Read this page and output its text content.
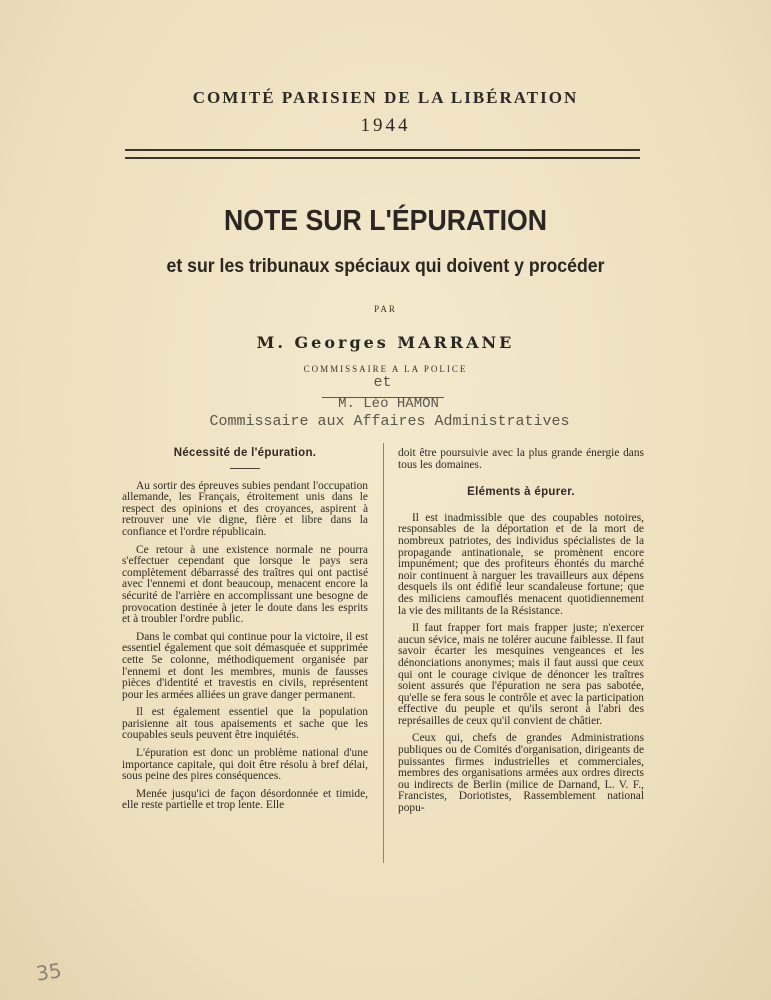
COMITÉ PARISIEN DE LA LIBÉRATION
1944
NOTE SUR L'ÉPURATION
et sur les tribunaux spéciaux qui doivent y procéder
PAR
M. Georges MARRANE
COMMISSAIRE A LA POLICE
et
M. Léo HAMON
Commissaire aux Affaires Administratives
Nécessité de l'épuration.

Au sortir des épreuves subies pendant l'occupation allemande, les Français, étroitement unis dans le respect des opinions et des croyances, aspirent à retrouver une vie digne, fière et libre dans la confiance et l'ordre républicain.

Ce retour à une existence normale ne pourra s'effectuer cependant que lorsque le pays sera complètement débarrassé des traîtres qui ont pactisé avec l'ennemi et dont beaucoup, menacent encore la sécurité de l'arrière en accomplissant une besogne de provocation destinée à jeter le doute dans les esprits et à troubler l'ordre public.

Dans le combat qui continue pour la victoire, il est essentiel également que soit démasquée et supprimée cette 5e colonne, méthodiquement organisée par l'ennemi et dont les membres, munis de fausses pièces d'identité et travestis en civils, représentent pour les armées alliées un grave danger permanent.

Il est également essentiel que la population parisienne ait tous apaisements et sache que les coupables seuls peuvent être inquiétés.

L'épuration est donc un problème national d'une importance capitale, qui doit être résolu à bref délai, sous peine des pires conséquences.

Menée jusqu'ici de façon désordonnée et timide, elle reste partielle et trop lente. Elle

doit être poursuivie avec la plus grande énergie dans tous les domaines.

Eléments à épurer.

Il est inadmissible que des coupables notoires, responsables de la déportation et de la mort de nombreux patriotes, des individus spécialistes de la propagande antinationale, se promènent encore impunément; que des profiteurs éhontés du marché noir continuent à narguer les travailleurs aux dépens desquels ils ont édifié leur scandaleuse fortune; que des miliciens camouflés menacent quotidiennement la vie des militants de la Résistance.

Il faut frapper fort mais frapper juste; n'exercer aucun sévice, mais ne tolérer aucune faiblesse. Il faut savoir écarter les mesquines vengeances et les dénonciations anonymes; mais il faut aussi que ceux qui ont le courage civique de dénoncer les traîtres soient assurés que l'épuration ne sera pas sabotée, qu'elle se fera sous le contrôle et avec la participation effective du peuple et qu'ils seront à l'abri des représailles de ceux qu'il convient de châtier.

Ceux qui, chefs de grandes Administrations publiques ou de Comités d'organisation, dirigeants de puissantes firmes industrielles et commerciales, membres des organisations armées aux ordres directs ou indirects de Berlin (milice de Darnand, L. V. F., Francistes, Doriotistes, Rassemblement national popu-

35
